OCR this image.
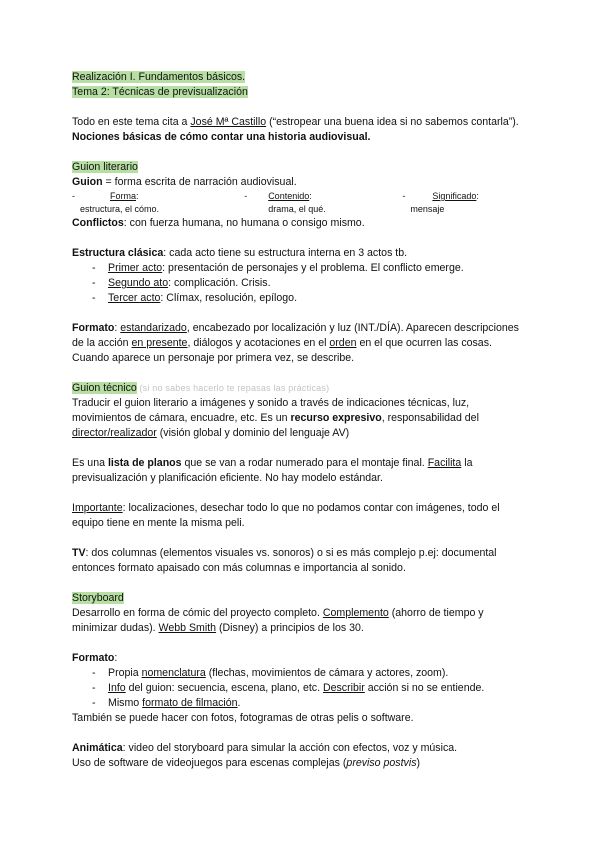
Realización I. Fundamentos básicos.

Tema 2: Técnicas de previsualización

Todo en este tema cita a José Mª Castillo (“estropear una buena idea si no sabemos contarla”). Nociones básicas de cómo contar una historia audiovisual.

Guion literario

Guion = forma escrita de narración audiovisual.

-	Forma:
estructura, el cómo.
-	Contenido:
drama, el qué.
-	Significado:
mensaje

Conflictos: con fuerza humana, no humana o consigo mismo.

Estructura clásica: cada acto tiene su estructura interna en 3 actos tb.

- Primer acto: presentación de personajes y el problema. El conflicto emerge.
- Segundo ato: complicación. Crisis.
- Tercer acto: Clímax, resolución, epílogo.

Formato: estandarizado, encabezado por localización y luz (INT./DÍA). Aparecen descripciones de la acción en presente, diálogos y acotaciones en el orden en el que ocurren las cosas. Cuando aparece un personaje por primera vez, se describe.

Guion técnico (si no sabes hacerlo te repasas las prácticas)

Traducir el guion literario a imágenes y sonido a través de indicaciones técnicas, luz, movimientos de cámara, encuadre, etc. Es un recurso expresivo, responsabilidad del director/realizador (visión global y dominio del lenguaje AV)

Es una lista de planos que se van a rodar numerado para el montaje final. Facilita la previsualización y planificación eficiente. No hay modelo estándar.

Importante: localizaciones, desechar todo lo que no podamos contar con imágenes, todo el equipo tiene en mente la misma peli.

TV: dos columnas (elementos visuales vs. sonoros) o si es más complejo p.ej: documental entonces formato apaisado con más columnas e importancia al sonido.

Storyboard

Desarrollo en forma de cómic del proyecto completo. Complemento (ahorro de tiempo y minimizar dudas). Webb Smith (Disney) a principios de los 30.

Formato:

- Propia nomenclatura (flechas, movimientos de cámara y actores, zoom).
- Info del guion: secuencia, escena, plano, etc. Describir acción si no se entiende.
- Mismo formato de filmación.

También se puede hacer con fotos, fotogramas de otras pelis o software.

Animática: video del storyboard para simular la acción con efectos, voz y música.

Uso de software de videojuegos para escenas complejas (previso postvis)
